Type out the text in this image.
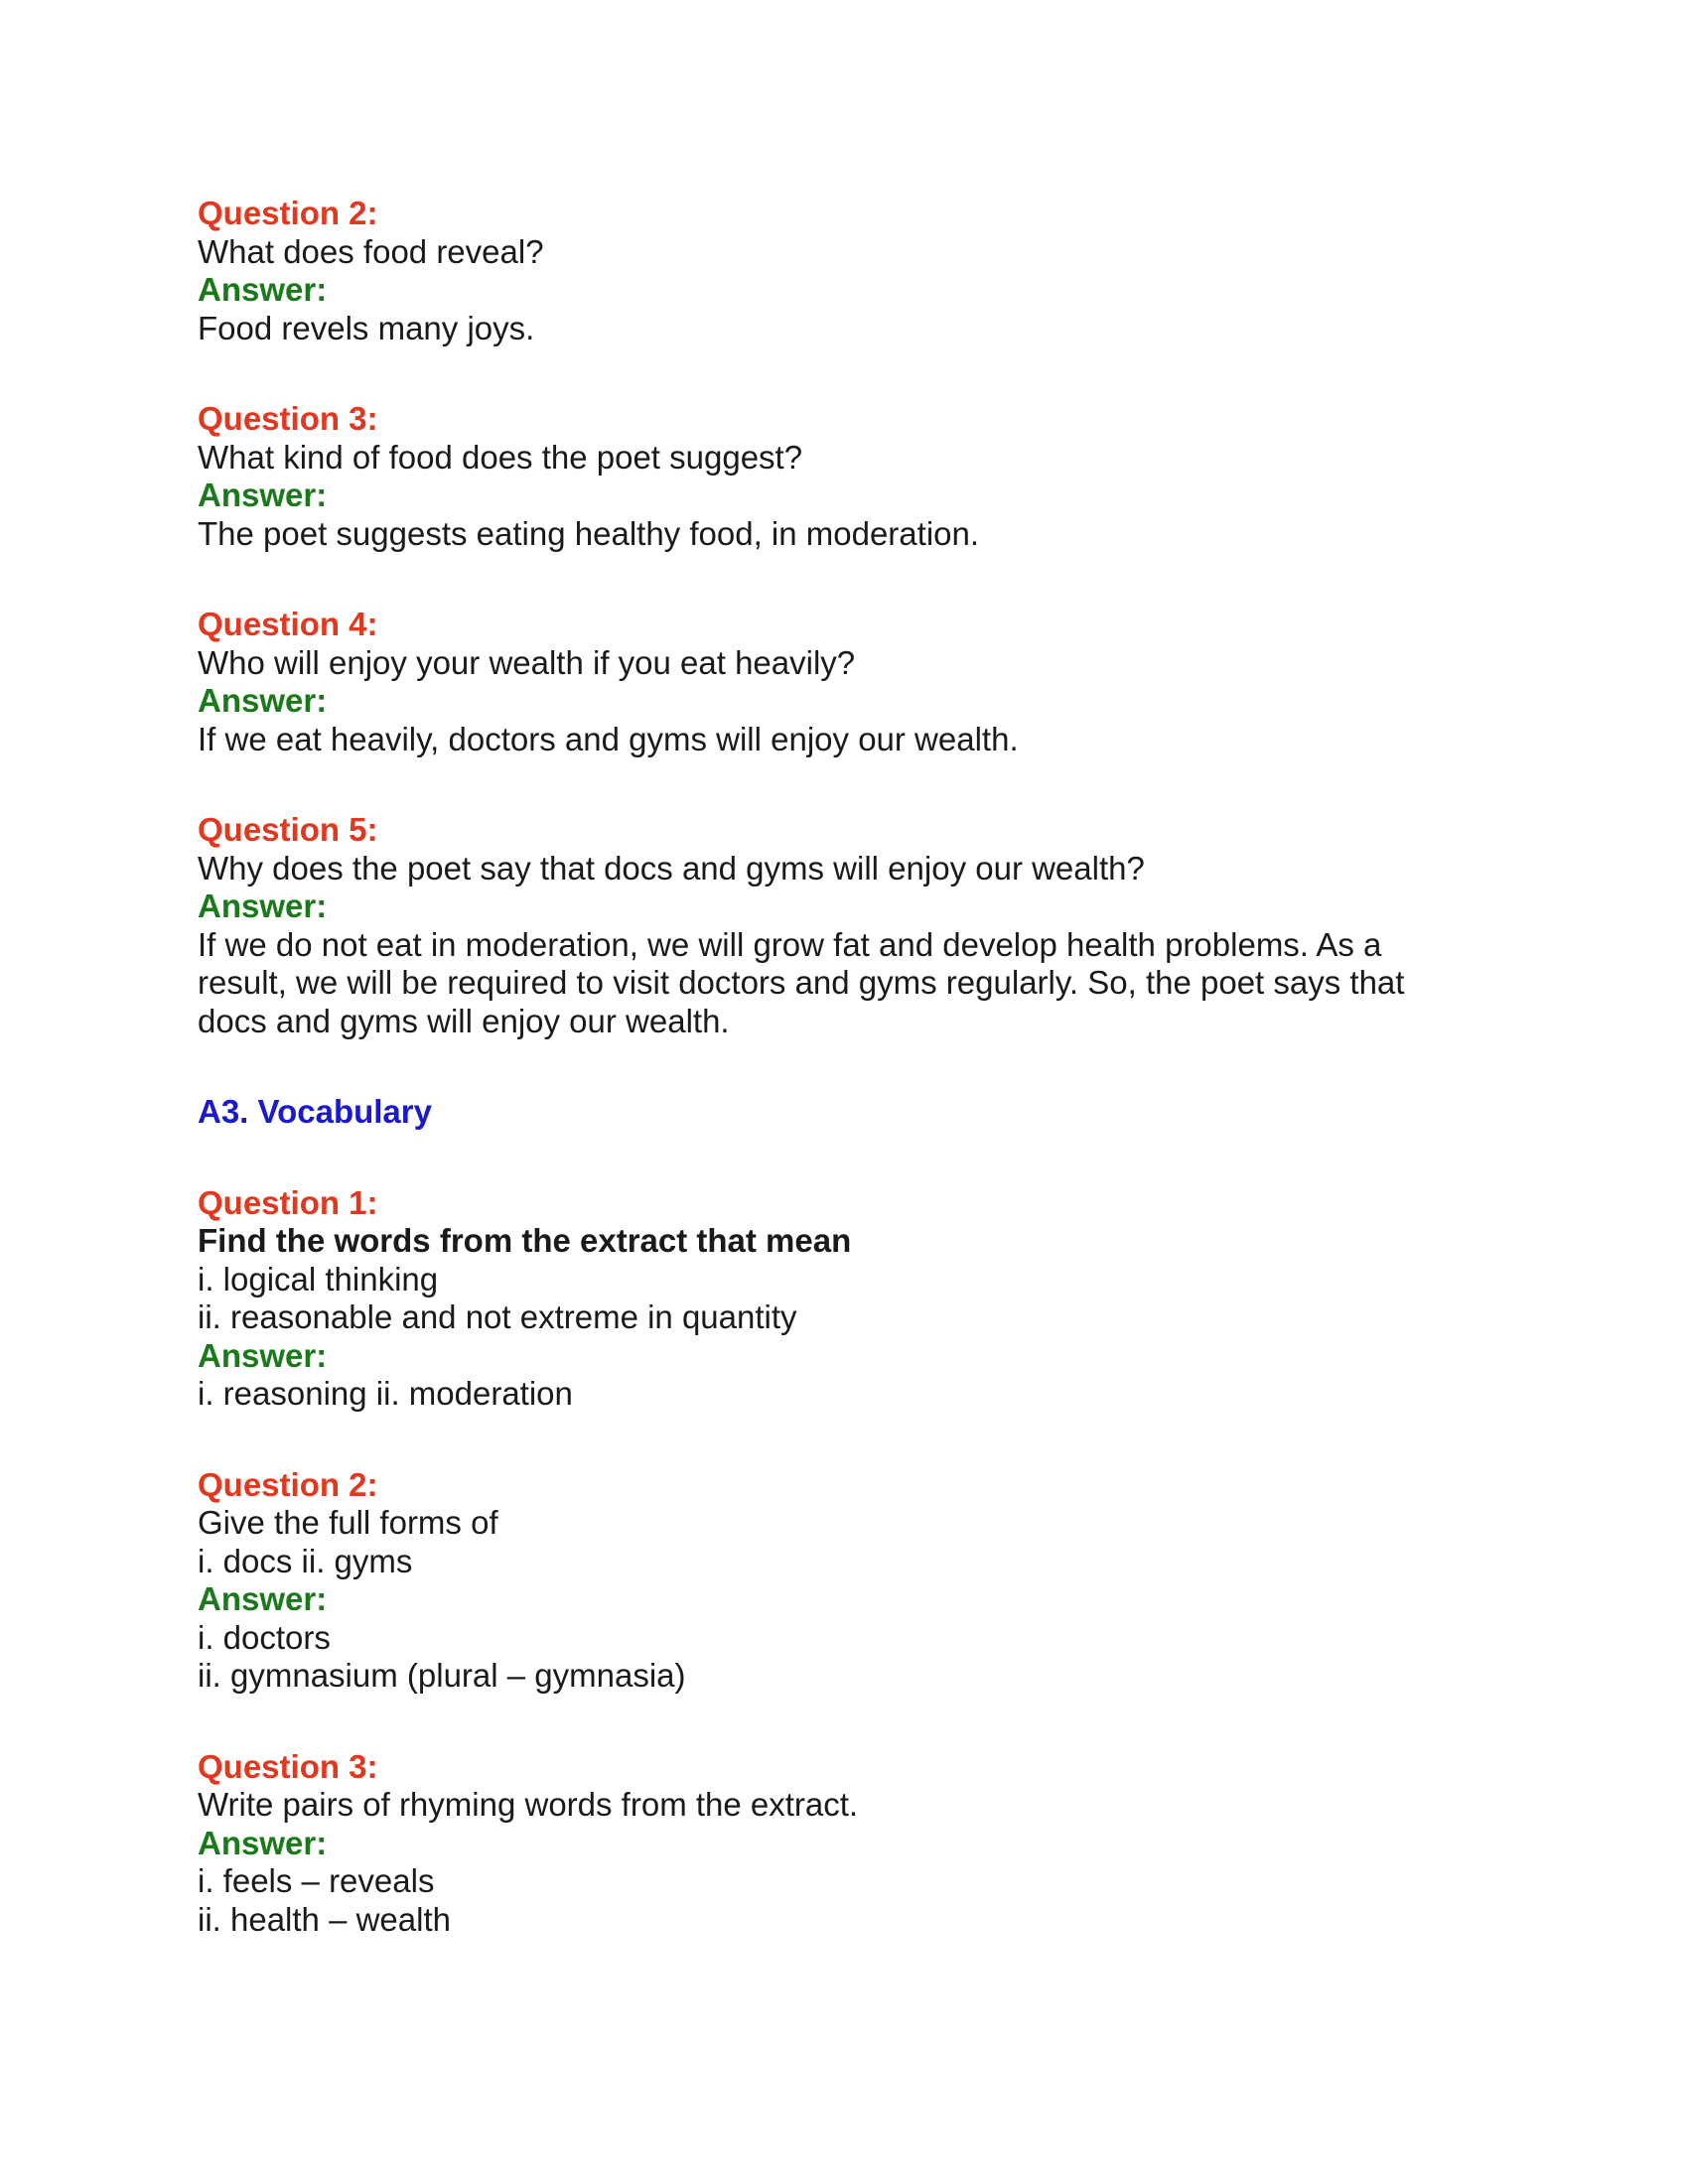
Question 2:
What does food reveal?
Answer:
Food revels many joys.
Question 3:
What kind of food does the poet suggest?
Answer:
The poet suggests eating healthy food, in moderation.
Question 4:
Who will enjoy your wealth if you eat heavily?
Answer:
If we eat heavily, doctors and gyms will enjoy our wealth.
Question 5:
Why does the poet say that docs and gyms will enjoy our wealth?
Answer:
If we do not eat in moderation, we will grow fat and develop health problems. As a result, we will be required to visit doctors and gyms regularly. So, the poet says that docs and gyms will enjoy our wealth.
A3. Vocabulary
Question 1:
Find the words from the extract that mean
i. logical thinking
ii. reasonable and not extreme in quantity
Answer:
i. reasoning ii. moderation
Question 2:
Give the full forms of
i. docs ii. gyms
Answer:
i. doctors
ii. gymnasium (plural – gymnasia)
Question 3:
Write pairs of rhyming words from the extract.
Answer:
i. feels – reveals
ii. health – wealth
